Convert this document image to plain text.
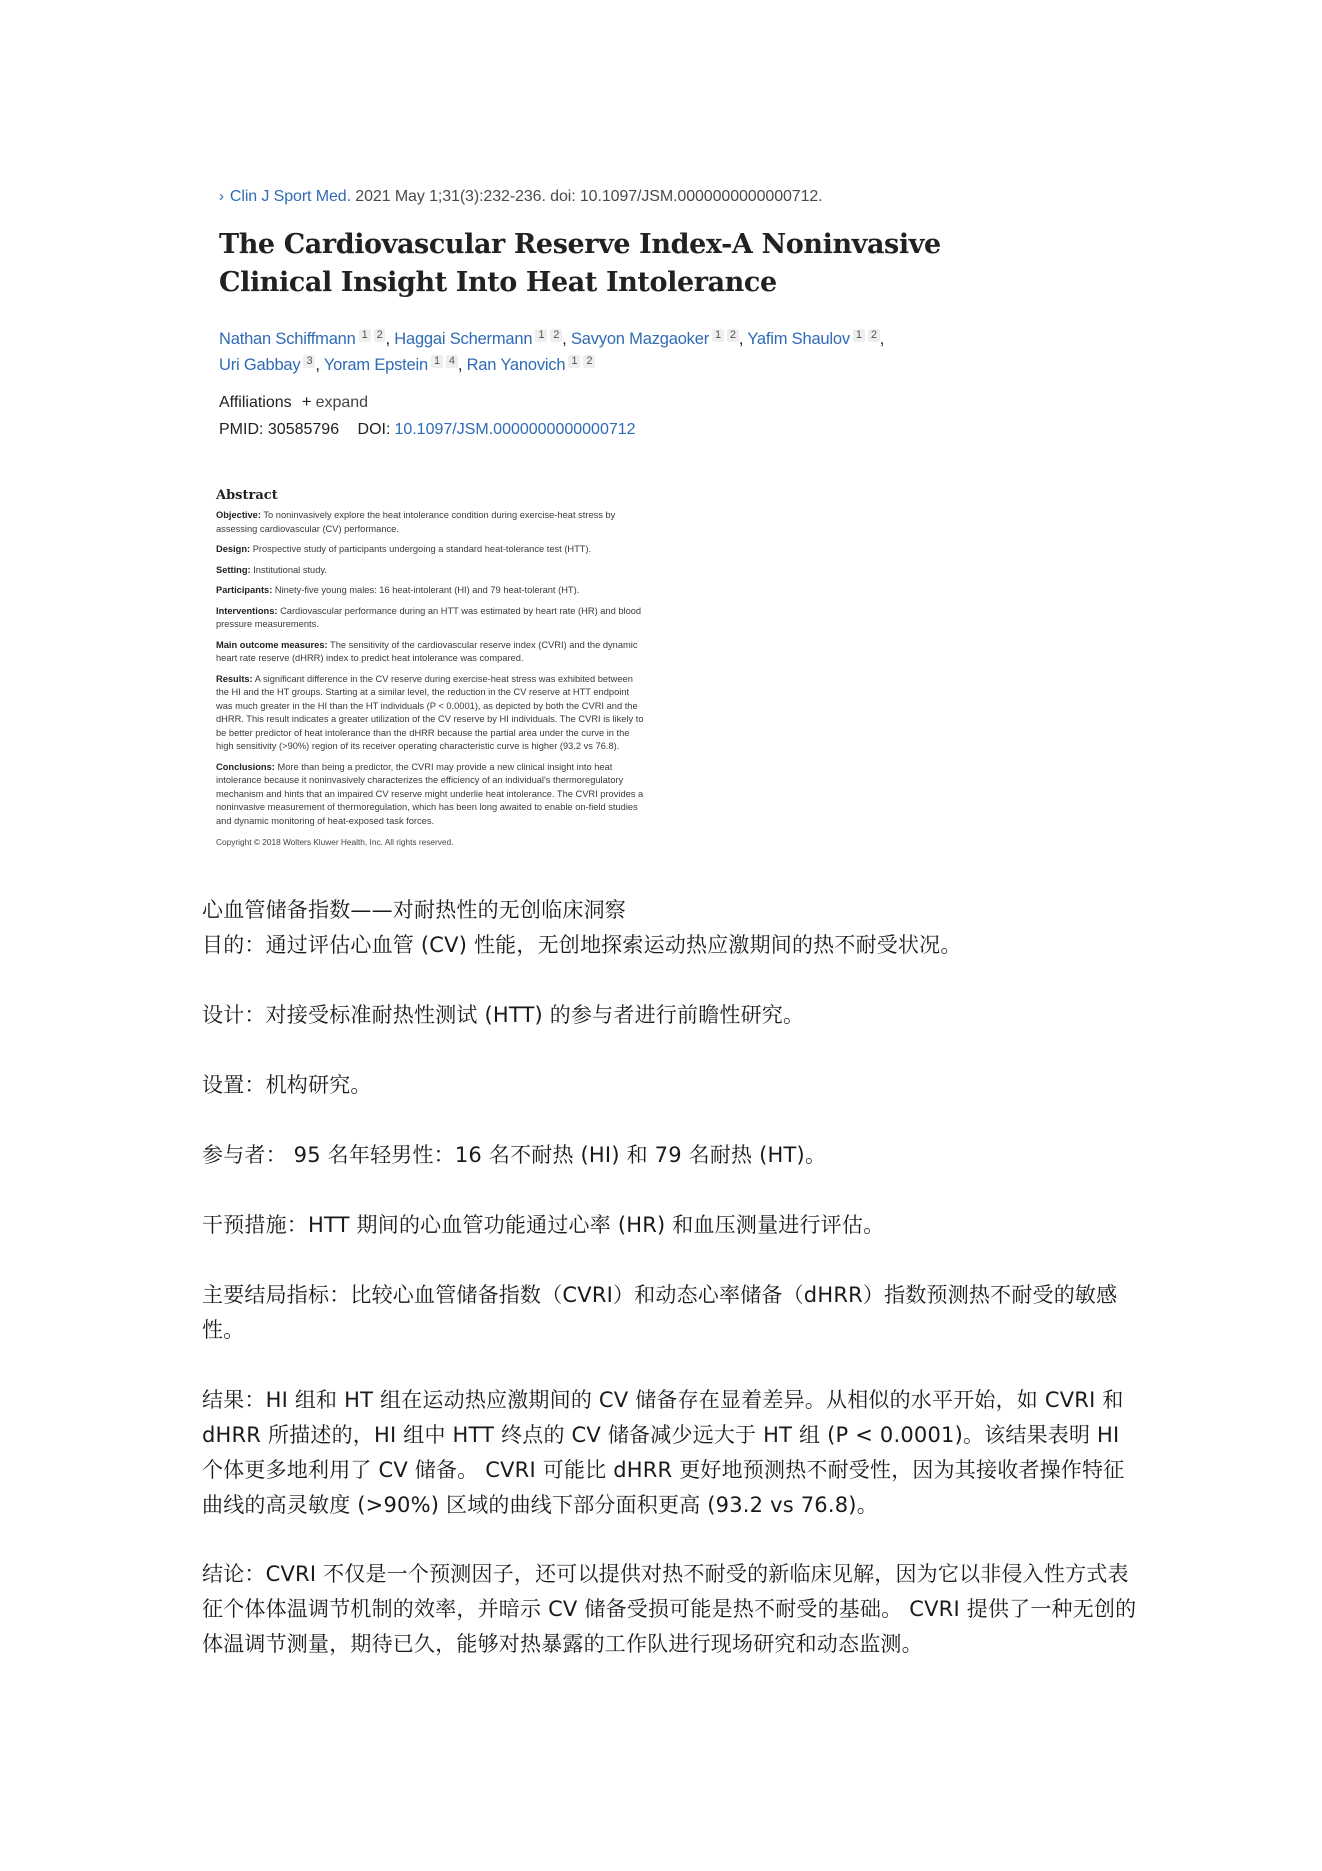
› Clin J Sport Med. 2021 May 1;31(3):232-236. doi: 10.1097/JSM.0000000000000712.
The Cardiovascular Reserve Index-A Noninvasive Clinical Insight Into Heat Intolerance
Nathan Schiffmann 1 2 , Haggai Schermann 1 2 , Savyon Mazgaoker 1 2 , Yafim Shaulov 1 2 ,
Uri Gabbay 3 , Yoram Epstein 1 4 , Ran Yanovich 1 2
Affiliations + expand
PMID: 30585796 DOI: 10.1097/JSM.0000000000000712
Abstract
Objective: To noninvasively explore the heat intolerance condition during exercise-heat stress by assessing cardiovascular (CV) performance.
Design: Prospective study of participants undergoing a standard heat-tolerance test (HTT).
Setting: Institutional study.
Participants: Ninety-five young males: 16 heat-intolerant (HI) and 79 heat-tolerant (HT).
Interventions: Cardiovascular performance during an HTT was estimated by heart rate (HR) and blood pressure measurements.
Main outcome measures: The sensitivity of the cardiovascular reserve index (CVRI) and the dynamic heart rate reserve (dHRR) index to predict heat intolerance was compared.
Results: A significant difference in the CV reserve during exercise-heat stress was exhibited between the HI and the HT groups. Starting at a similar level, the reduction in the CV reserve at HTT endpoint was much greater in the HI than the HT individuals (P < 0.0001), as depicted by both the CVRI and the dHRR. This result indicates a greater utilization of the CV reserve by HI individuals. The CVRI is likely to be better predictor of heat intolerance than the dHRR because the partial area under the curve in the high sensitivity (>90%) region of its receiver operating characteristic curve is higher (93.2 vs 76.8).
Conclusions: More than being a predictor, the CVRI may provide a new clinical insight into heat intolerance because it noninvasively characterizes the efficiency of an individual's thermoregulatory mechanism and hints that an impaired CV reserve might underlie heat intolerance. The CVRI provides a noninvasive measurement of thermoregulation, which has been long awaited to enable on-field studies and dynamic monitoring of heat-exposed task forces.
Copyright © 2018 Wolters Kluwer Health, Inc. All rights reserved.
心血管储备指数——对耐热性的无创临床洞察
目的：通过评估心血管 (CV) 性能，无创地探索运动热应激期间的热不耐受状况。
设计：对接受标准耐热性测试 (HTT) 的参与者进行前瞻性研究。
设置：机构研究。
参与者： 95 名年轻男性：16 名不耐热 (HI) 和 79 名耐热 (HT)。
干预措施：HTT 期间的心血管功能通过心率 (HR) 和血压测量进行评估。
主要结局指标：比较心血管储备指数（CVRI）和动态心率储备（dHRR）指数预测热不耐受的敏感性。
结果：HI 组和 HT 组在运动热应激期间的 CV 储备存在显着差异。从相似的水平开始，如 CVRI 和 dHRR 所描述的，HI 组中 HTT 终点的 CV 储备减少远大于 HT 组 (P < 0.0001)。该结果表明 HI 个体更多地利用了 CV 储备。 CVRI 可能比 dHRR 更好地预测热不耐受性，因为其接收者操作特征曲线的高灵敏度 (>90%) 区域的曲线下部分面积更高 (93.2 vs 76.8)。
结论：CVRI 不仅是一个预测因子，还可以提供对热不耐受的新临床见解，因为它以非侵入性方式表征个体体温调节机制的效率，并暗示 CV 储备受损可能是热不耐受的基础。 CVRI 提供了一种无创的体温调节测量，期待已久，能够对热暴露的工作队进行现场研究和动态监测。
